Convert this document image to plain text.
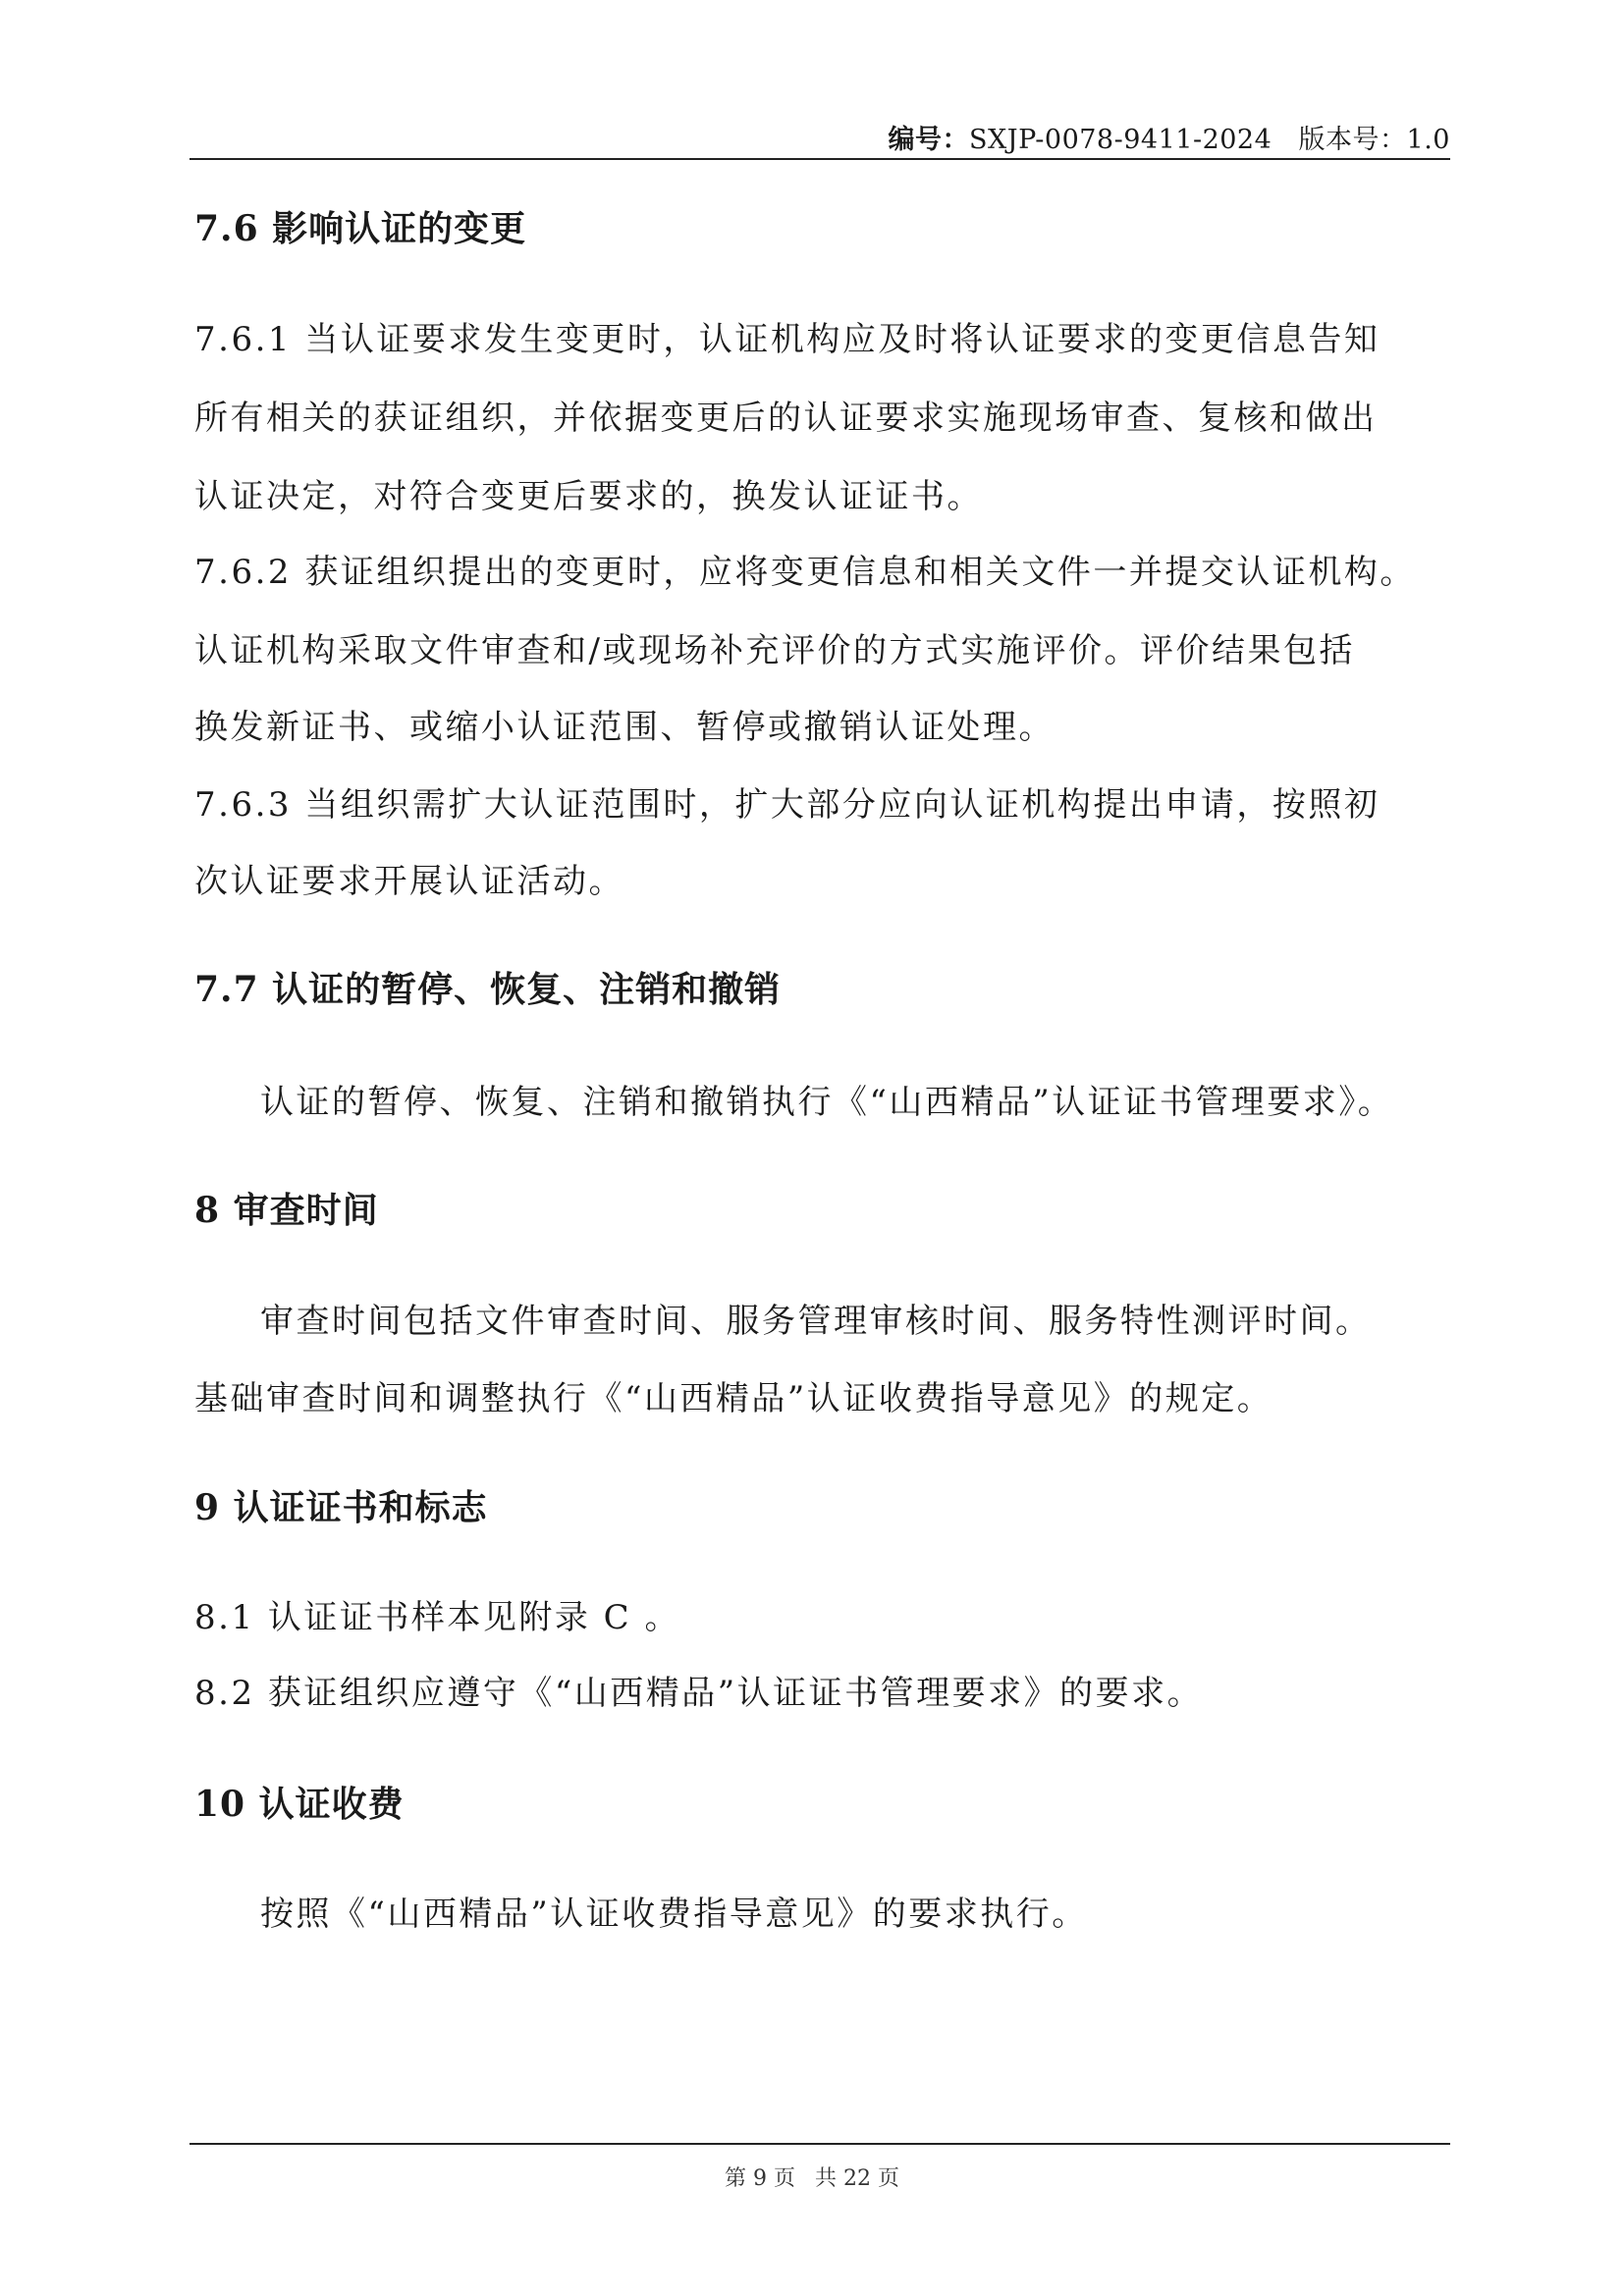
编号：SXJP-0078-9411-2024 版本号：1.0
7.6 影响认证的变更
7.6.1 当认证要求发生变更时，认证机构应及时将认证要求的变更信息告知
所有相关的获证组织，并依据变更后的认证要求实施现场审查、复核和做出
认证决定，对符合变更后要求的，换发认证证书。
7.6.2 获证组织提出的变更时，应将变更信息和相关文件一并提交认证机构。
认证机构采取文件审查和/或现场补充评价的方式实施评价。评价结果包括
换发新证书、或缩小认证范围、暂停或撤销认证处理。
7.6.3 当组织需扩大认证范围时，扩大部分应向认证机构提出申请，按照初
次认证要求开展认证活动。
7.7 认证的暂停、恢复、注销和撤销
认证的暂停、恢复、注销和撤销执行《“山西精品”认证证书管理要求》。
8 审查时间
审查时间包括文件审查时间、服务管理审核时间、服务特性测评时间。
基础审查时间和调整执行《“山西精品”认证收费指导意见》的规定。
9 认证证书和标志
8.1 认证证书样本见附录 C 。
8.2 获证组织应遵守《“山西精品”认证证书管理要求》的要求。
10 认证收费
按照《“山西精品”认证收费指导意见》的要求执行。
第 9 页 共 22 页
